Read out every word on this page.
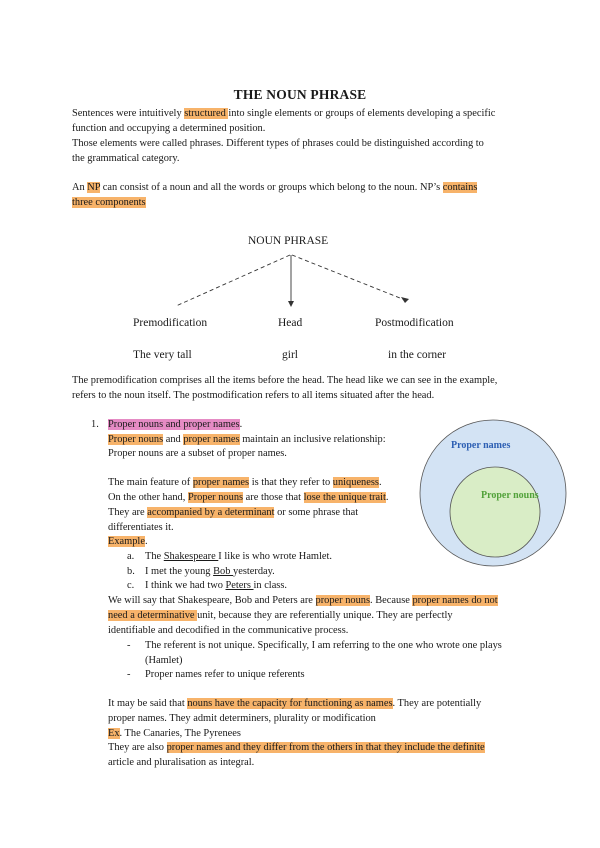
THE NOUN PHRASE
Sentences were intuitively structured into single elements or groups of elements developing a specific
function and occupying a determined position.
Those elements were called phrases. Different types of phrases could be distinguished according to
the grammatical category.
An NP can consist of a noun and all the words or groups which belong to the noun. NP’s contains
three components
NOUN PHRASE
Premodification	Head	Postmodification
The very tall	girl	in the corner
The premodification comprises all the items before the head. The head like we can see in the example,
refers to the noun itself. The postmodification refers to all items situated after the head.
1. Proper nouns and proper names.
Proper nouns and proper names maintain an inclusive relationship:
Proper nouns are a subset of proper names.
The main feature of proper names is that they refer to uniqueness.
On the other hand, Proper nouns are those that lose the unique trait.
They are accompanied by a determinant or some phrase that
differentiates it.
Example.
a. The Shakespeare I like is who wrote Hamlet.
b. I met the young Bob yesterday.
c. I think we had two Peters in class.
We will say that Shakespeare, Bob and Peters are proper nouns. Because proper names do not
need a determinative unit, because they are referentially unique. They are perfectly
identifiable and decodified in the communicative process.
- The referent is not unique. Specifically, I am referring to the one who wrote one plays
(Hamlet)
- Proper names refer to unique referents
It may be said that nouns have the capacity for functioning as names. They are potentially
proper names. They admit determiners, plurality or modification
Ex. The Canaries, The Pyrenees
They are also proper names and they differ from the others in that they include the definite
article and pluralisation as integral.
Proper names
Proper nouns
